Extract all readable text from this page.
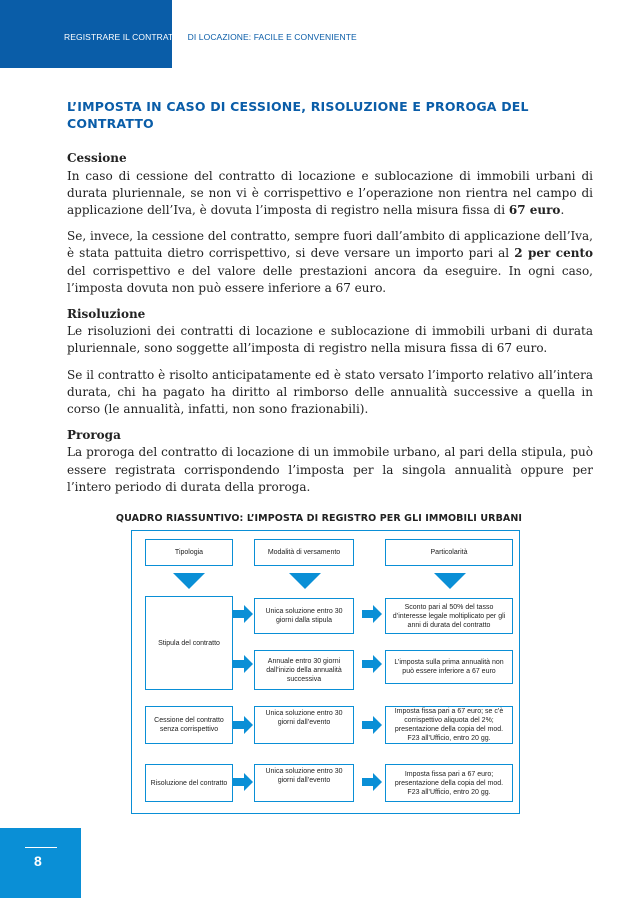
REGISTRARE IL CONTRATTO DI LOCAZIONE: FACILE E CONVENIENTE
L’IMPOSTA IN CASO DI CESSIONE, RISOLUZIONE E PROROGA DEL CONTRATTO
Cessione

In caso di cessione del contratto di locazione e sublocazione di immobili urbani di durata pluriennale, se non vi è corrispettivo e l’operazione non rientra nel campo di applicazione dell’Iva, è dovuta l’imposta di registro nella misura fissa di 67 euro.

Se, invece, la cessione del contratto, sempre fuori dall’ambito di applicazione dell’Iva, è stata pattuita dietro corrispettivo, si deve versare un importo pari al 2 per cento del corrispettivo e del valore delle prestazioni ancora da eseguire. In ogni caso, l’imposta dovuta non può essere inferiore a 67 euro.

Risoluzione

Le risoluzioni dei contratti di locazione e sublocazione di immobili urbani di durata pluriennale, sono soggette all’imposta di registro nella misura fissa di 67 euro.

Se il contratto è risolto anticipatamente ed è stato versato l’importo relativo all’intera durata, chi ha pagato ha diritto al rimborso delle annualità successive a quella in corso (le annualità, infatti, non sono frazionabili).

Proroga

La proroga del contratto di locazione di un immobile urbano, al pari della stipula, può essere registrata corrispondendo l’imposta per la singola annualità oppure per l’intero periodo di durata della proroga.

QUADRO RIASSUNTIVO: L’IMPOSTA DI REGISTRO PER GLI IMMOBILI URBANI
Tipologia	Modalità di versamento	Particolarità
Stipula del contratto
Unica soluzione entro 30 giorni dalla stipula
Sconto pari al 50% del tasso d’interesse legale moltiplicato per gli anni di durata del contratto
Annuale entro 30 giorni dall’inizio della annualità successiva
L’imposta sulla prima annualità non può essere inferiore a 67 euro
Cessione del contratto senza corrispettivo
Unica soluzione entro 30 giorni dall’evento
Imposta fissa pari a 67 euro; se c’è corrispettivo aliquota del 2%; presentazione della copia del mod. F23 all’Ufficio, entro 20 gg.
Risoluzione del contratto
Unica soluzione entro 30 giorni dall’evento
Imposta fissa pari a 67 euro; presentazione della copia del mod. F23 all’Ufficio, entro 20 gg.
8
